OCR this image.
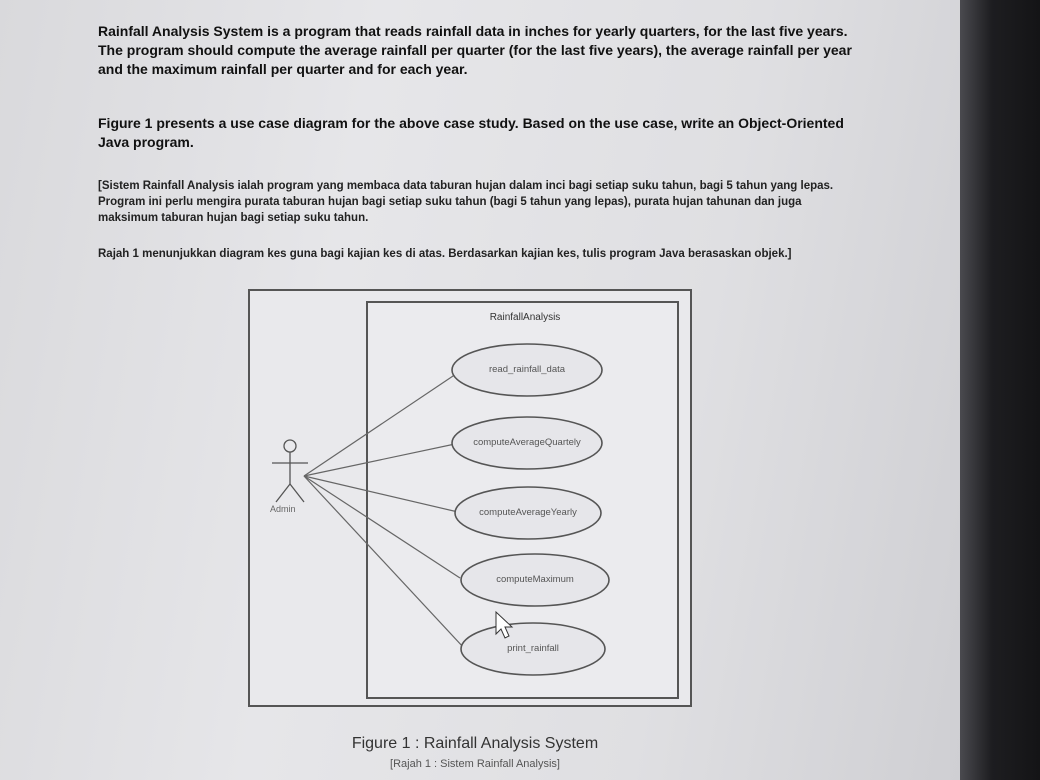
Rainfall Analysis System is a program that reads rainfall data in inches for yearly quarters, for the last five years. The program should compute the average rainfall per quarter (for the last five years), the average rainfall per year and the maximum rainfall per quarter and for each year.

Figure 1 presents a use case diagram for the above case study. Based on the use case, write an Object-Oriented Java program.

[Sistem Rainfall Analysis ialah program yang membaca data taburan hujan dalam inci bagi setiap suku tahun, bagi 5 tahun yang lepas. Program ini perlu mengira purata taburan hujan bagi setiap suku tahun (bagi 5 tahun yang lepas), purata hujan tahunan dan juga maksimum taburan hujan bagi setiap suku tahun.

Rajah 1 menunjukkan diagram kes guna bagi kajian kes di atas. Berdasarkan kajian kes, tulis program Java berasaskan objek.]

RainfallAnalysis
read_rainfall_data
computeAverageQuartely
computeAverageYearly
computeMaximum
print_rainfall
Admin
Figure 1 : Rainfall Analysis System
[Rajah 1 : Sistem Rainfall Analysis]
